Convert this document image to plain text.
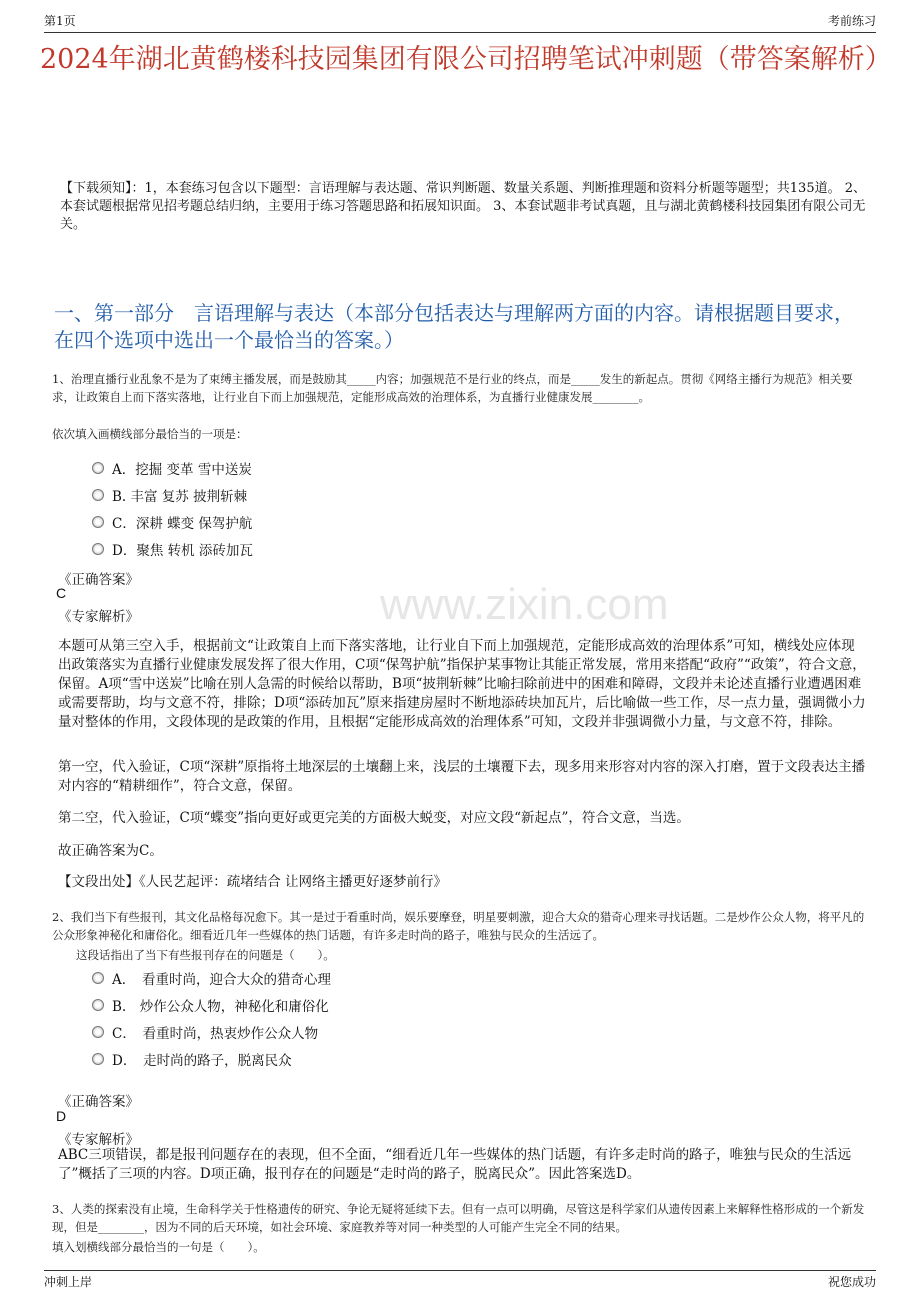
第1页	考前练习
2024年湖北黄鹤楼科技园集团有限公司招聘笔试冲刺题（带答案解析）
【下载须知】：1，本套练习包含以下题型：言语理解与表达题、常识判断题、数量关系题、判断推理题和资料分析题等题型；共135道。 2、本套试题根据常见招考题总结归纳，主要用于练习答题思路和拓展知识面。 3、本套试题非考试真题，且与湖北黄鹤楼科技园集团有限公司无关。
一、第一部分　言语理解与表达（本部分包括表达与理解两方面的内容。请根据题目要求，在四个选项中选出一个最恰当的答案。）
www.zixin.com
1、治理直播行业乱象不是为了束缚主播发展，而是鼓励其_____内容；加强规范不是行业的终点，而是_____发生的新起点。贯彻《网络主播行为规范》相关要求，让政策自上而下落实落地，让行业自下而上加强规范，定能形成高效的治理体系，为直播行业健康发展________。
依次填入画横线部分最恰当的一项是：
A．挖掘 变革 雪中送炭
B. 丰富 复苏 披荆斩棘
C．深耕 蝶变 保驾护航
D．聚焦 转机 添砖加瓦
《正确答案》
C
《专家解析》
本题可从第三空入手，根据前文“让政策自上而下落实落地，让行业自下而上加强规范，定能形成高效的治理体系”可知，横线处应体现出政策落实为直播行业健康发展发挥了很大作用，C项“保驾护航”指保护某事物让其能正常发展，常用来搭配“政府”“政策”，符合文意，保留。A项“雪中送炭”比喻在别人急需的时候给以帮助，B项“披荆斩棘”比喻扫除前进中的困难和障碍，文段并未论述直播行业遭遇困难或需要帮助，均与文意不符，排除；D项“添砖加瓦”原来指建房屋时不断地添砖块加瓦片，后比喻做一些工作，尽一点力量，强调微小力量对整体的作用，文段体现的是政策的作用，且根据“定能形成高效的治理体系”可知，文段并非强调微小力量，与文意不符，排除。
第一空，代入验证，C项“深耕”原指将土地深层的土壤翻上来，浅层的土壤覆下去，现多用来形容对内容的深入打磨，置于文段表达主播对内容的“精耕细作”，符合文意，保留。
第二空，代入验证，C项“蝶变”指向更好或更完美的方面极大蜕变，对应文段“新起点”，符合文意，当选。
故正确答案为C。
【文段出处】《人民艺起评：疏堵结合 让网络主播更好逐梦前行》
2、我们当下有些报刊，其文化品格每况愈下。其一是过于看重时尚，娱乐要摩登，明星要刺激，迎合大众的猎奇心理来寻找话题。二是炒作公众人物，将平凡的公众形象神秘化和庸俗化。细看近几年一些媒体的热门话题，有许多走时尚的路子，唯独与民众的生活远了。
这段话指出了当下有些报刊存在的问题是（　　）。
A．　看重时尚，迎合大众的猎奇心理
B.　炒作公众人物，神秘化和庸俗化
C．　看重时尚，热衷炒作公众人物
D．　走时尚的路子，脱离民众
《正确答案》
D
《专家解析》
ABC三项错误，都是报刊问题存在的表现，但不全面，“细看近几年一些媒体的热门话题，有许多走时尚的路子，唯独与民众的生活远了”概括了三项的内容。D项正确，报刊存在的问题是“走时尚的路子，脱离民众”。因此答案选D。
3、人类的探索没有止境，生命科学关于性格遗传的研究、争论无疑将延续下去。但有一点可以明确，尽管这是科学家们从遗传因素上来解释性格形成的一个新发现，但是________，因为不同的后天环境，如社会环境、家庭教养等对同一种类型的人可能产生完全不同的结果。
填入划横线部分最恰当的一句是（　　）。
冲刺上岸	祝您成功
